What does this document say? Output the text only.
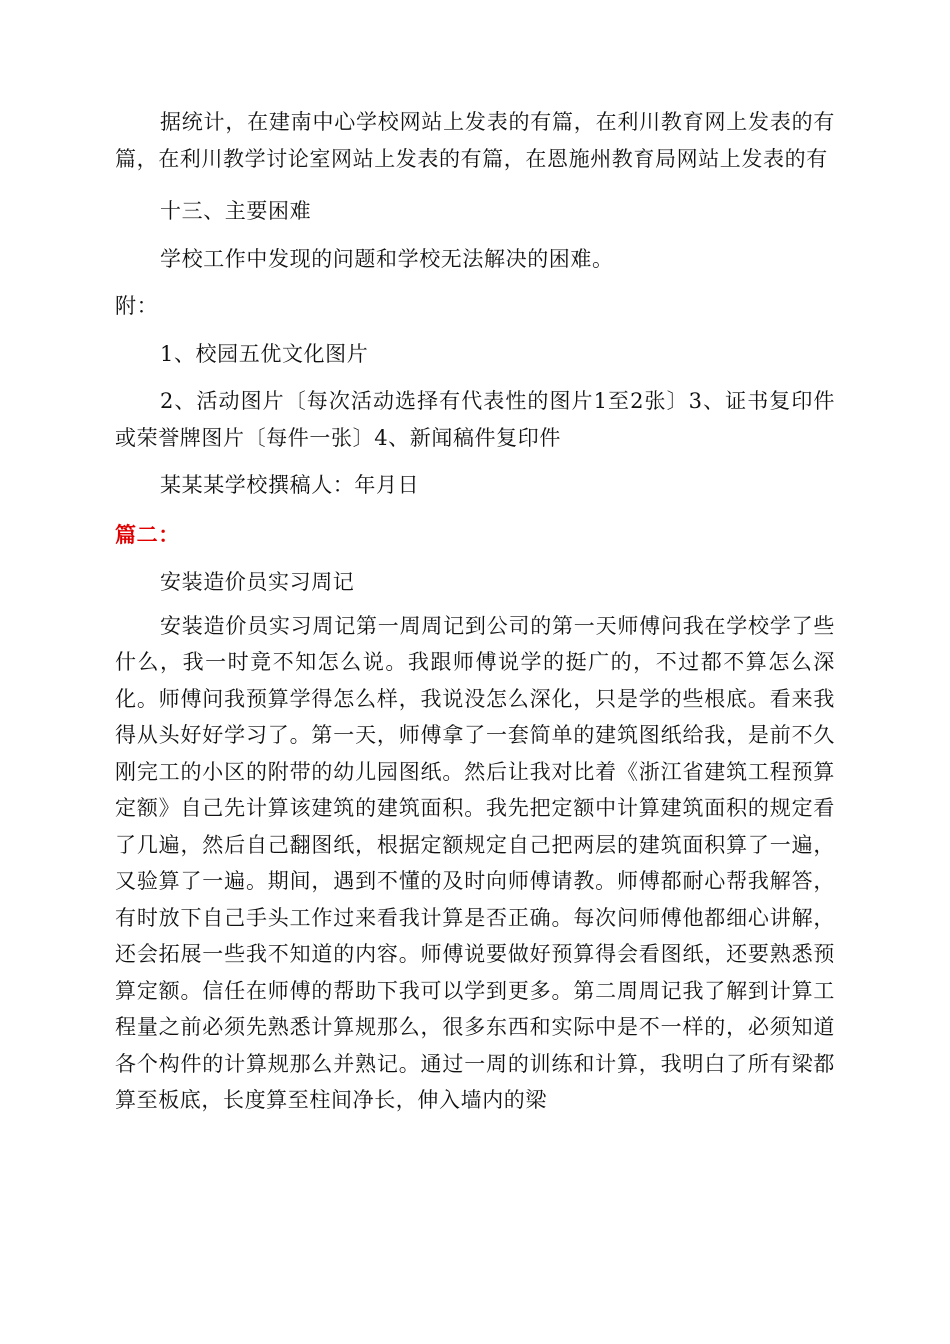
据统计，在建南中心学校网站上发表的有篇，在利川教育网上发表的有篇，在利川教学讨论室网站上发表的有篇，在恩施州教育局网站上发表的有

十三、主要困难

学校工作中发现的问题和学校无法解决的困难。

附：

1、校园五优文化图片

2、活动图片〔每次活动选择有代表性的图片1至2张〕3、证书复印件或荣誉牌图片〔每件一张〕4、新闻稿件复印件

某某某学校撰稿人：年月日

篇二：

安装造价员实习周记

安装造价员实习周记第一周周记到公司的第一天师傅问我在学校学了些什么，我一时竟不知怎么说。我跟师傅说学的挺广的，不过都不算怎么深化。师傅问我预算学得怎么样，我说没怎么深化，只是学的些根底。看来我得从头好好学习了。第一天，师傅拿了一套简单的建筑图纸给我，是前不久刚完工的小区的附带的幼儿园图纸。然后让我对比着《浙江省建筑工程预算定额》自己先计算该建筑的建筑面积。我先把定额中计算建筑面积的规定看了几遍，然后自己翻图纸，根据定额规定自己把两层的建筑面积算了一遍，又验算了一遍。期间，遇到不懂的及时向师傅请教。师傅都耐心帮我解答，有时放下自己手头工作过来看我计算是否正确。每次问师傅他都细心讲解，还会拓展一些我不知道的内容。师傅说要做好预算得会看图纸，还要熟悉预算定额。信任在师傅的帮助下我可以学到更多。第二周周记我了解到计算工程量之前必须先熟悉计算规那么，很多东西和实际中是不一样的，必须知道各个构件的计算规那么并熟记。通过一周的训练和计算，我明白了所有梁都算至板底，长度算至柱间净长，伸入墙内的梁
